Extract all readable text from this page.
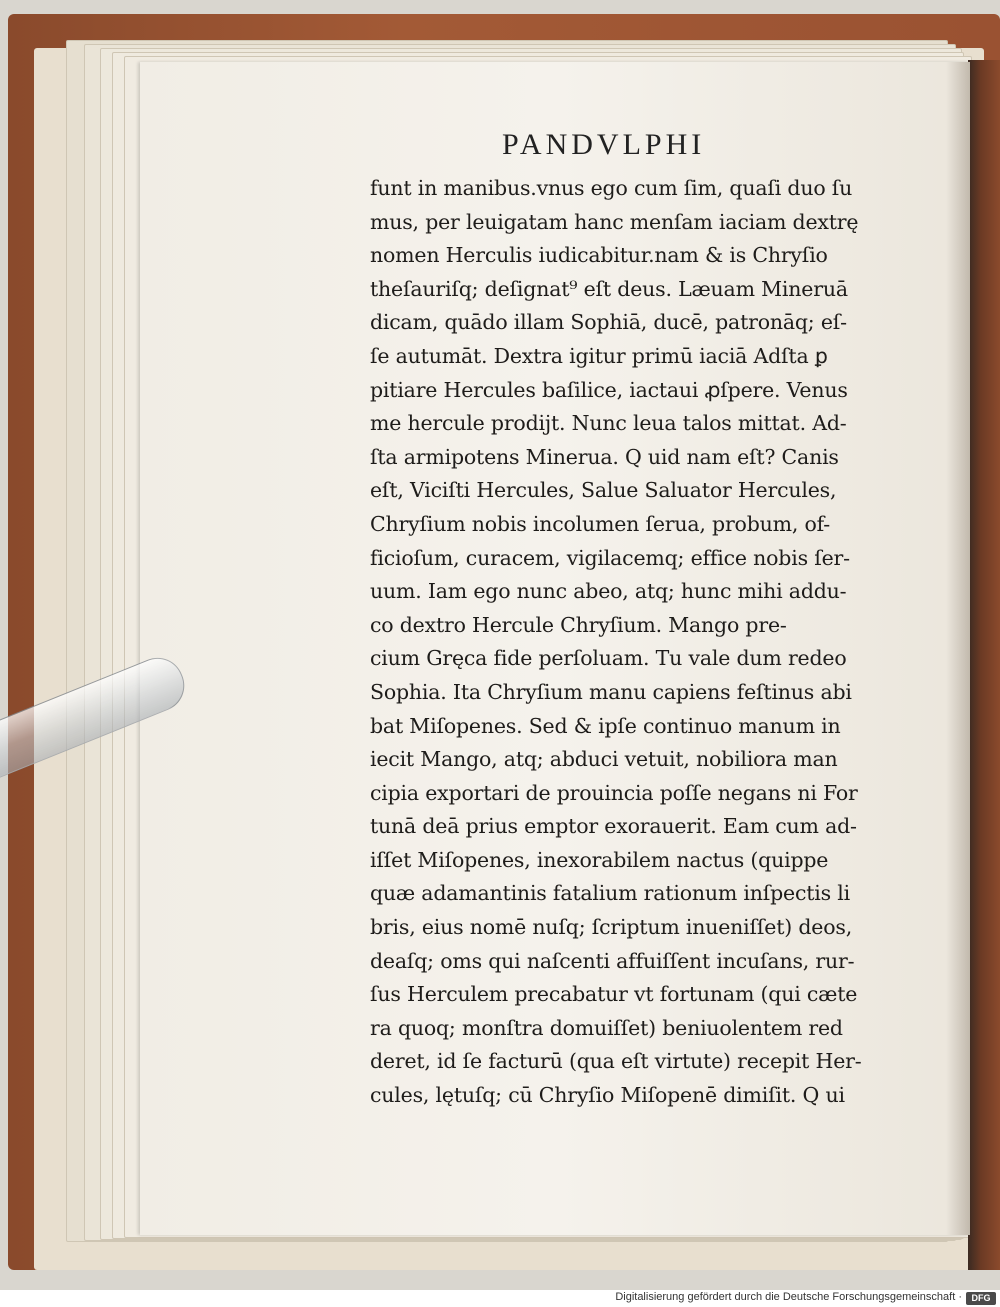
PANDVLPHI
funt in manibus.vnus ego cum ſim, quaſi duo ſu
mus, per leuigatam hanc menſam iaciam dextrę
nomen Herculis iudicabitur.nam & is Chryſio
theſauriſq; deſignat⁹ eſt deus. Læuam Mineruā
dicam, quādo illam Sophiā, ducē, patronāq; eſ-
ſe autumāt. Dextra igitur primū iaciā Adſta ꝑ
pitiare Hercules baſilice, iactaui ꝓſpere. Venus
me hercule prodijt. Nunc leua talos mittat. Ad-
ſta armipotens Minerua. Q uid nam eſt? Canis
eſt, Viciſti Hercules, Salue Saluator Hercules,
Chryſium nobis incolumen ſerua, probum, of-
ficioſum, curacem, vigilacemq; effice nobis ſer-
uum. Iam ego nunc abeo, atq; hunc mihi addu-
co dextro Hercule Chryſium. Mango pre-
cium Gręca fide perſoluam. Tu vale dum redeo
Sophia. Ita Chryſium manu capiens feſtinus abi
bat Miſopenes. Sed & ipſe continuo manum in
iecit Mango, atq; abduci vetuit, nobiliora man
cipia exportari de prouincia poſſe negans ni For
tunā deā prius emptor exorauerit. Eam cum ad-
iſſet Miſopenes, inexorabilem nactus (quippe
quæ adamantinis fatalium rationum inſpectis li
bris, eius nomē nuſq; ſcriptum inueniſſet) deos,
deaſq; oms qui naſcenti affuiſſent incuſans, rur-
ſus Herculem precabatur vt fortunam (qui cæte
ra quoq; monſtra domuiſſet) beniuolentem red
deret, id ſe facturū (qua eſt virtute) recepit Her-
cules, lętuſq; cū Chryſio Miſopenē dimiſit. Q ui
Digitalisierung gefördert durch die Deutsche Forschungsgemeinschaft ·	DFG
